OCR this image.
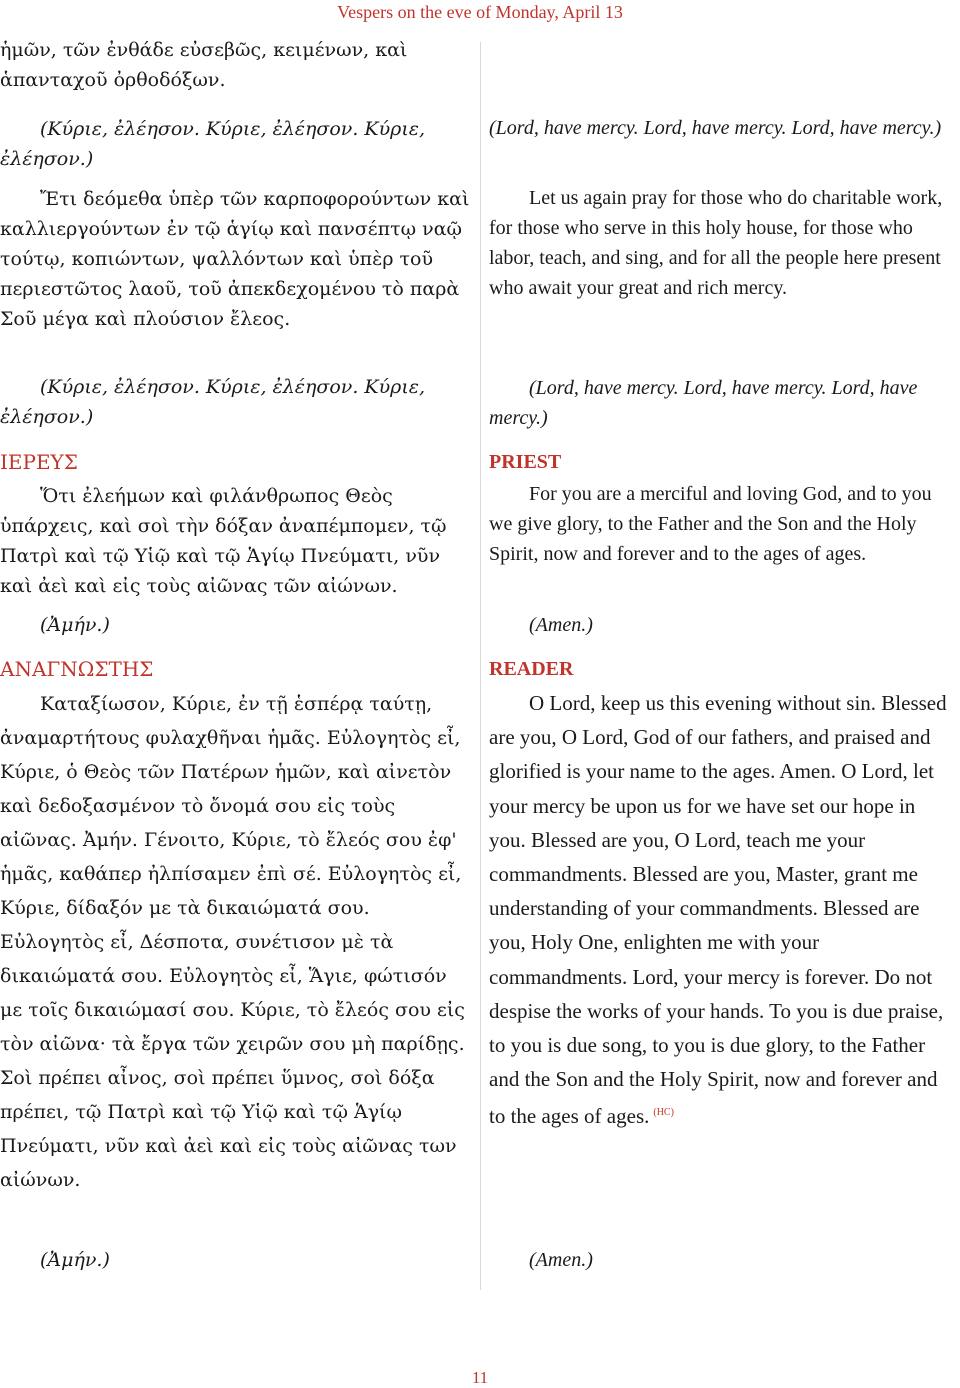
Vespers on the eve of Monday, April 13

ἡμῶν, τῶν ἐνθάδε εὐσεβῶς, κειμένων, καὶ ἁπανταχοῦ ὀρθοδόξων.

(Κύριε, ἐλέησον. Κύριε, ἐλέησον. Κύριε, ἐλέησον.)

Ἔτι δεόμεθα ὑπὲρ τῶν καρποφορούντων καὶ καλλιεργούντων ἐν τῷ ἁγίῳ καὶ πανσέπτῳ ναῷ τούτῳ, κοπιώντων, ψαλλόντων καὶ ὑπὲρ τοῦ περιεστῶτος λαοῦ, τοῦ ἀπεκδεχομένου τὸ παρὰ Σοῦ μέγα καὶ πλούσιον ἔλεος.

(Κύριε, ἐλέησον. Κύριε, ἐλέησον. Κύριε, ἐλέησον.)

ΙΕΡΕΥΣ

Ὅτι ἐλεήμων καὶ φιλάνθρωπος Θεὸς ὑπάρχεις, καὶ σοὶ τὴν δόξαν ἀναπέμπομεν, τῷ Πατρὶ καὶ τῷ Υἱῷ καὶ τῷ Ἁγίῳ Πνεύματι, νῦν καὶ ἀεὶ καὶ εἰς τοὺς αἰῶνας τῶν αἰώνων.

(Ἀμήν.)

ΑΝΑΓΝΩΣΤΗΣ

Καταξίωσον, Κύριε, ἐν τῇ ἑσπέρᾳ ταύτῃ, ἀναμαρτήτους φυλαχθῆναι ἡμᾶς. Εὐλογητὸς εἶ, Κύριε, ὁ Θεὸς τῶν Πατέρων ἡμῶν, καὶ αἰνετὸν καὶ δεδοξασμένον τὸ ὄνομά σου εἰς τοὺς αἰῶνας. Ἀμήν. Γένοιτο, Κύριε, τὸ ἔλεός σου ἐφ' ἡμᾶς, καθάπερ ἠλπίσαμεν ἐπὶ σέ. Εὐλογητὸς εἶ, Κύριε, δίδαξόν με τὰ δικαιώματά σου. Εὐλογητὸς εἶ, Δέσποτα, συνέτισον μὲ τὰ δικαιώματά σου. Εὐλογητὸς εἶ, Ἅγιε, φώτισόν με τοῖς δικαιώμασί σου. Κύριε, τὸ ἔλεός σου εἰς τὸν αἰῶνα· τὰ ἔργα τῶν χειρῶν σου μὴ παρίδῃς. Σοὶ πρέπει αἶνος, σοὶ πρέπει ὕμνος, σοὶ δόξα πρέπει, τῷ Πατρὶ καὶ τῷ Υἱῷ καὶ τῷ Ἁγίῳ Πνεύματι, νῦν καὶ ἀεὶ καὶ εἰς τοὺς αἰῶνας των αἰώνων.

(Ἀμήν.)

(Lord, have mercy. Lord, have mercy. Lord, have mercy.)

Let us again pray for those who do charitable work, for those who serve in this holy house, for those who labor, teach, and sing, and for all the people here present who await your great and rich mercy.

(Lord, have mercy. Lord, have mercy. Lord, have mercy.)

PRIEST

For you are a merciful and loving God, and to you we give glory, to the Father and the Son and the Holy Spirit, now and forever and to the ages of ages.

(Amen.)

READER

O Lord, keep us this evening without sin. Blessed are you, O Lord, God of our fathers, and praised and glorified is your name to the ages. Amen. O Lord, let your mercy be upon us for we have set our hope in you. Blessed are you, O Lord, teach me your commandments. Blessed are you, Master, grant me understanding of your commandments. Blessed are you, Holy One, enlighten me with your commandments. Lord, your mercy is forever. Do not despise the works of your hands. To you is due praise, to you is due song, to you is due glory, to the Father and the Son and the Holy Spirit, now and forever and to the ages of ages. $^{(HC)}$

(Amen.)

11
